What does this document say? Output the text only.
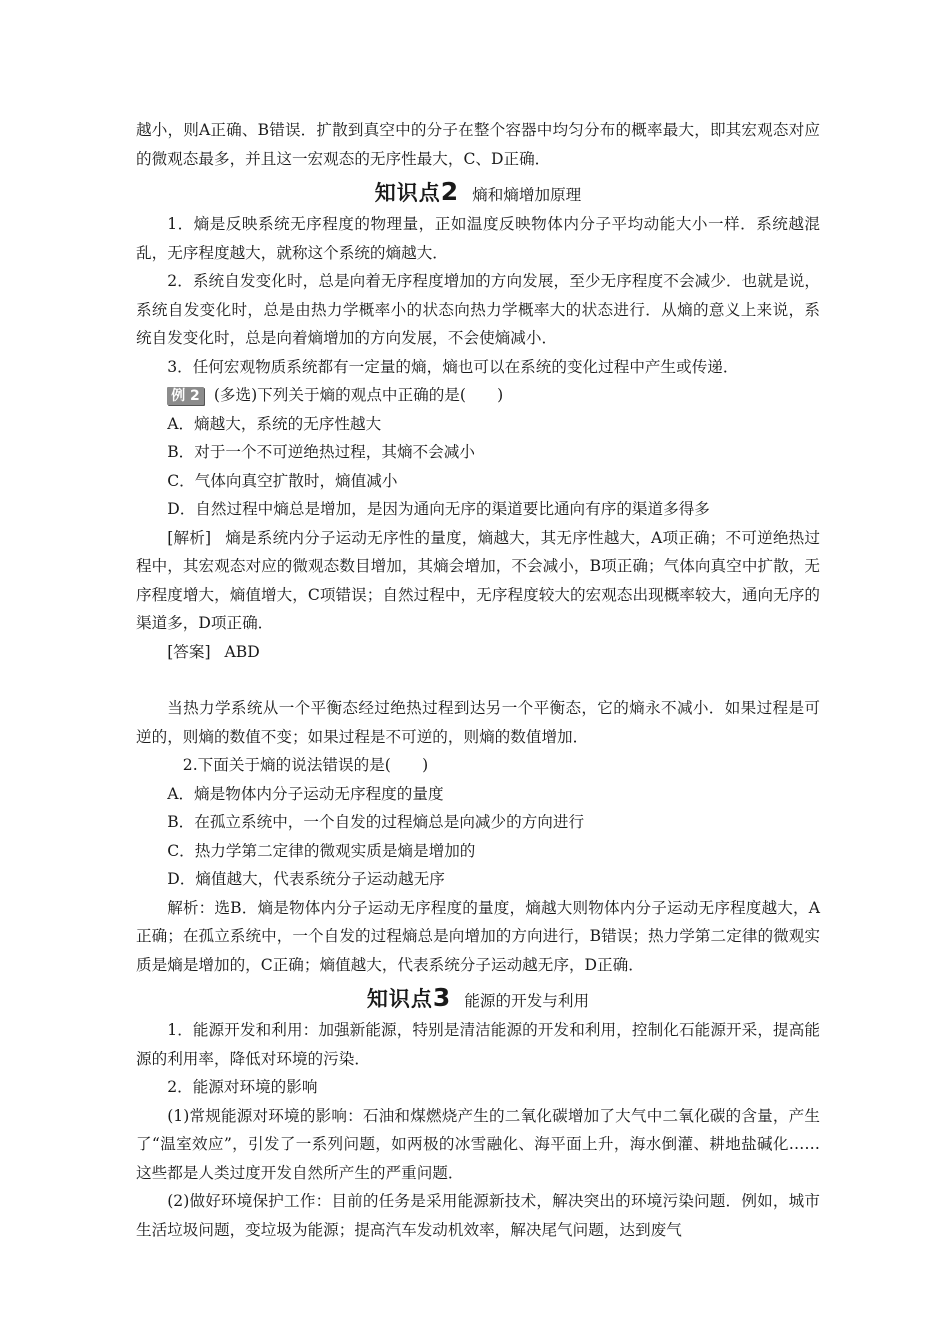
越小，则A正确、B错误．扩散到真空中的分子在整个容器中均匀分布的概率最大，即其宏观态对应的微观态最多，并且这一宏观态的无序性最大，C、D正确．

知识点2 熵和熵增加原理

1．熵是反映系统无序程度的物理量，正如温度反映物体内分子平均动能大小一样．系统越混乱，无序程度越大，就称这个系统的熵越大．

2．系统自发变化时，总是向着无序程度增加的方向发展，至少无序程度不会减少．也就是说，系统自发变化时，总是由热力学概率小的状态向热力学概率大的状态进行．从熵的意义上来说，系统自发变化时，总是向着熵增加的方向发展，不会使熵减小．

3．任何宏观物质系统都有一定量的熵，熵也可以在系统的变化过程中产生或传递．

例 2 (多选)下列关于熵的观点中正确的是(　　)

A．熵越大，系统的无序性越大

B．对于一个不可逆绝热过程，其熵不会减小

C．气体向真空扩散时，熵值减小

D．自然过程中熵总是增加，是因为通向无序的渠道要比通向有序的渠道多得多

[解析] 熵是系统内分子运动无序性的量度，熵越大，其无序性越大，A项正确；不可逆绝热过程中，其宏观态对应的微观态数目增加，其熵会增加，不会减小，B项正确；气体向真空中扩散，无序程度增大，熵值增大，C项错误；自然过程中，无序程度较大的宏观态出现概率较大，通向无序的渠道多，D项正确．

[答案] ABD

当热力学系统从一个平衡态经过绝热过程到达另一个平衡态，它的熵永不减小．如果过程是可逆的，则熵的数值不变；如果过程是不可逆的，则熵的数值增加．

2.下面关于熵的说法错误的是(　　)

A．熵是物体内分子运动无序程度的量度

B．在孤立系统中，一个自发的过程熵总是向减少的方向进行

C．热力学第二定律的微观实质是熵是增加的

D．熵值越大，代表系统分子运动越无序

解析：选B．熵是物体内分子运动无序程度的量度，熵越大则物体内分子运动无序程度越大，A正确；在孤立系统中，一个自发的过程熵总是向增加的方向进行，B错误；热力学第二定律的微观实质是熵是增加的，C正确；熵值越大，代表系统分子运动越无序，D正确．

知识点3 能源的开发与利用

1．能源开发和利用：加强新能源，特别是清洁能源的开发和利用，控制化石能源开采，提高能源的利用率，降低对环境的污染．

2．能源对环境的影响

(1)常规能源对环境的影响：石油和煤燃烧产生的二氧化碳增加了大气中二氧化碳的含量，产生了“温室效应”，引发了一系列问题，如两极的冰雪融化、海平面上升，海水倒灌、耕地盐碱化……这些都是人类过度开发自然所产生的严重问题．

(2)做好环境保护工作：目前的任务是采用能源新技术，解决突出的环境污染问题．例如，城市生活垃圾问题，变垃圾为能源；提高汽车发动机效率，解决尾气问题，达到废气
